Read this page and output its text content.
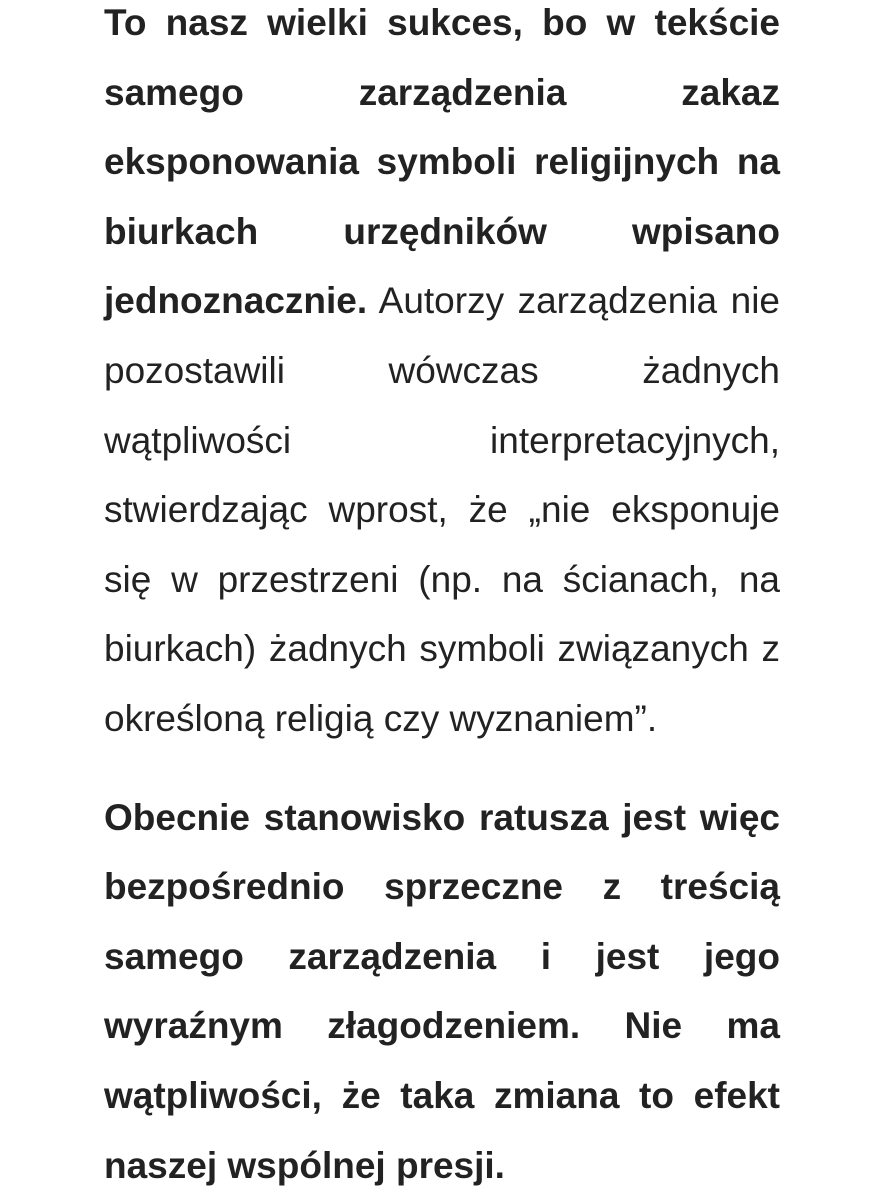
To nasz wielki sukces, bo w tekście samego zarządzenia zakaz eksponowania symboli religijnych na biurkach urzędników wpisano jednoznacznie. Autorzy zarządzenia nie pozostawili wówczas żadnych wątpliwości interpretacyjnych, stwierdzając wprost, że „nie eksponuje się w przestrzeni (np. na ścianach, na biurkach) żadnych symboli związanych z określoną religią czy wyznaniem”.

Obecnie stanowisko ratusza jest więc bezpośrednio sprzeczne z treścią samego zarządzenia i jest jego wyraźnym złagodzeniem. Nie ma wątpliwości, że taka zmiana to efekt naszej wspólnej presji.
